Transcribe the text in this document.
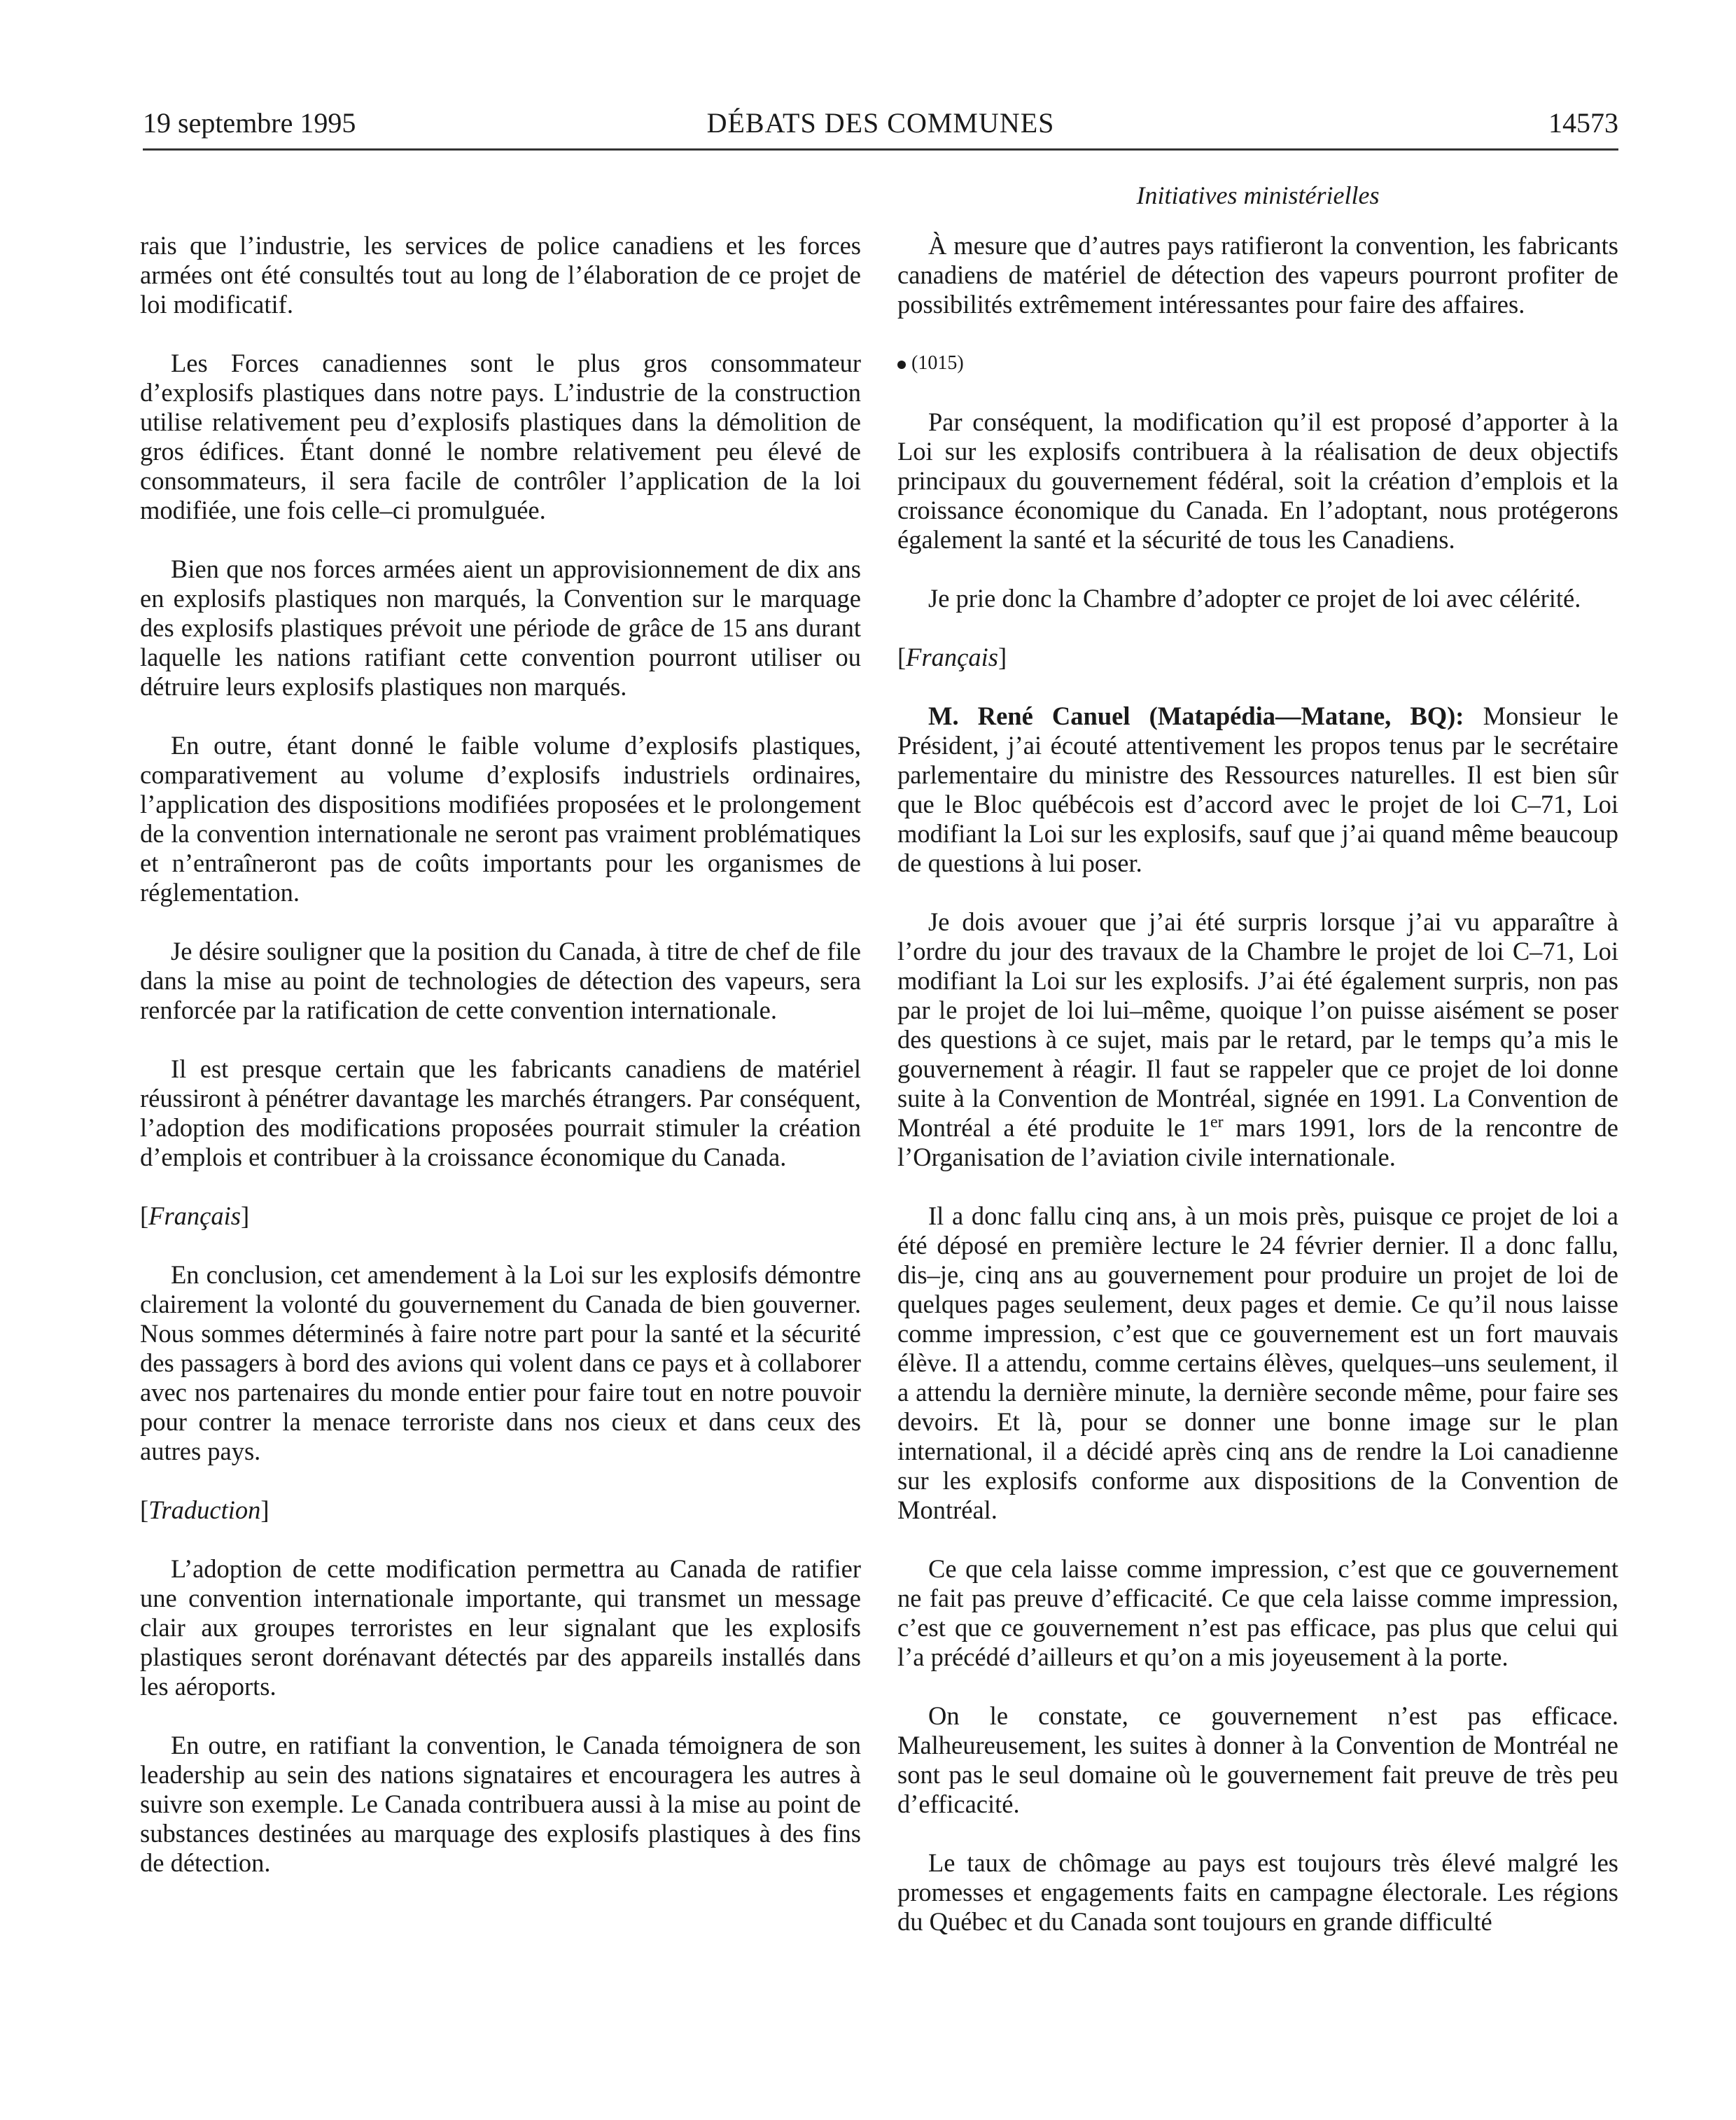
19 septembre 1995	DÉBATS DES COMMUNES	14573
Initiatives ministérielles

rais que l’industrie, les services de police canadiens et les forces armées ont été consultés tout au long de l’élaboration de ce projet de loi modificatif.

Les Forces canadiennes sont le plus gros consommateur d’explosifs plastiques dans notre pays. L’industrie de la construction utilise relativement peu d’explosifs plastiques dans la démolition de gros édifices. Étant donné le nombre relativement peu élevé de consommateurs, il sera facile de contrôler l’application de la loi modifiée, une fois celle–ci promulguée.

Bien que nos forces armées aient un approvisionnement de dix ans en explosifs plastiques non marqués, la Convention sur le marquage des explosifs plastiques prévoit une période de grâce de 15 ans durant laquelle les nations ratifiant cette convention pourront utiliser ou détruire leurs explosifs plastiques non marqués.

En outre, étant donné le faible volume d’explosifs plastiques, comparativement au volume d’explosifs industriels ordinaires, l’application des dispositions modifiées proposées et le prolongement de la convention internationale ne seront pas vraiment problématiques et n’entraîneront pas de coûts importants pour les organismes de réglementation.

Je désire souligner que la position du Canada, à titre de chef de file dans la mise au point de technologies de détection des vapeurs, sera renforcée par la ratification de cette convention internationale.

Il est presque certain que les fabricants canadiens de matériel réussiront à pénétrer davantage les marchés étrangers. Par conséquent, l’adoption des modifications proposées pourrait stimuler la création d’emplois et contribuer à la croissance économique du Canada.

[Français]

En conclusion, cet amendement à la Loi sur les explosifs démontre clairement la volonté du gouvernement du Canada de bien gouverner. Nous sommes déterminés à faire notre part pour la santé et la sécurité des passagers à bord des avions qui volent dans ce pays et à collaborer avec nos partenaires du monde entier pour faire tout en notre pouvoir pour contrer la menace terroriste dans nos cieux et dans ceux des autres pays.

[Traduction]

L’adoption de cette modification permettra au Canada de ratifier une convention internationale importante, qui transmet un message clair aux groupes terroristes en leur signalant que les explosifs plastiques seront dorénavant détectés par des appareils installés dans les aéroports.

En outre, en ratifiant la convention, le Canada témoignera de son leadership au sein des nations signataires et encouragera les autres à suivre son exemple. Le Canada contribuera aussi à la mise au point de substances destinées au marquage des explosifs plastiques à des fins de détection.

À mesure que d’autres pays ratifieront la convention, les fabricants canadiens de matériel de détection des vapeurs pourront profiter de possibilités extrêmement intéressantes pour faire des affaires.

(1015)

Par conséquent, la modification qu’il est proposé d’apporter à la Loi sur les explosifs contribuera à la réalisation de deux objectifs principaux du gouvernement fédéral, soit la création d’emplois et la croissance économique du Canada. En l’adoptant, nous protégerons également la santé et la sécurité de tous les Canadiens.

Je prie donc la Chambre d’adopter ce projet de loi avec célérité.

[Français]

M. René Canuel (Matapédia—Matane, BQ): Monsieur le Président, j’ai écouté attentivement les propos tenus par le secrétaire parlementaire du ministre des Ressources naturelles. Il est bien sûr que le Bloc québécois est d’accord avec le projet de loi C–71, Loi modifiant la Loi sur les explosifs, sauf que j’ai quand même beaucoup de questions à lui poser.

Je dois avouer que j’ai été surpris lorsque j’ai vu apparaître à l’ordre du jour des travaux de la Chambre le projet de loi C–71, Loi modifiant la Loi sur les explosifs. J’ai été également surpris, non pas par le projet de loi lui–même, quoique l’on puisse aisément se poser des questions à ce sujet, mais par le retard, par le temps qu’a mis le gouvernement à réagir. Il faut se rappeler que ce projet de loi donne suite à la Convention de Montréal, signée en 1991. La Convention de Montréal a été produite le 1er mars 1991, lors de la rencontre de l’Organisation de l’aviation civile internationale.

Il a donc fallu cinq ans, à un mois près, puisque ce projet de loi a été déposé en première lecture le 24 février dernier. Il a donc fallu, dis–je, cinq ans au gouvernement pour produire un projet de loi de quelques pages seulement, deux pages et demie. Ce qu’il nous laisse comme impression, c’est que ce gouvernement est un fort mauvais élève. Il a attendu, comme certains élèves, quelques–uns seulement, il a attendu la dernière minute, la dernière seconde même, pour faire ses devoirs. Et là, pour se donner une bonne image sur le plan international, il a décidé après cinq ans de rendre la Loi canadienne sur les explosifs conforme aux dispositions de la Convention de Montréal.

Ce que cela laisse comme impression, c’est que ce gouvernement ne fait pas preuve d’efficacité. Ce que cela laisse comme impression, c’est que ce gouvernement n’est pas efficace, pas plus que celui qui l’a précédé d’ailleurs et qu’on a mis joyeusement à la porte.

On le constate, ce gouvernement n’est pas efficace. Malheureusement, les suites à donner à la Convention de Montréal ne sont pas le seul domaine où le gouvernement fait preuve de très peu d’efficacité.

Le taux de chômage au pays est toujours très élevé malgré les promesses et engagements faits en campagne électorale. Les régions du Québec et du Canada sont toujours en grande difficulté
